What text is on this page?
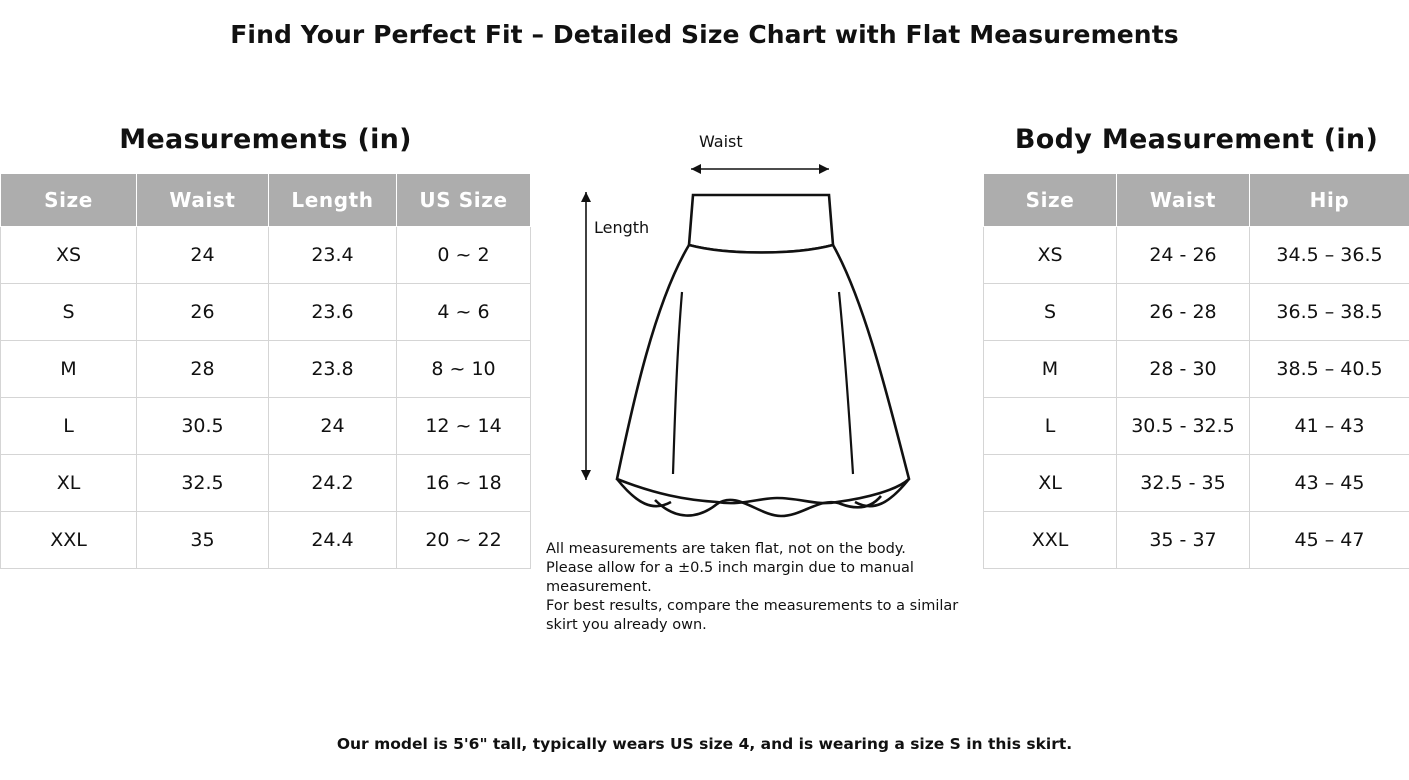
Find Your Perfect Fit – Detailed Size Chart with Flat Measurements
Measurements (in)
Size	Waist	Length	US Size
XS	24	23.4	0 ~ 2
S	26	23.6	4 ~ 6
M	28	23.8	8 ~ 10
L	30.5	24	12 ~ 14
XL	32.5	24.2	16 ~ 18
XXL	35	24.4	20 ~ 22
Waist
Length
All measurements are taken flat, not on the body.
Please allow for a ±0.5 inch margin due to manual
measurement.
For best results, compare the measurements to a similar
skirt you already own.
Body Measurement (in)
Size	Waist	Hip
XS	24 - 26	34.5 – 36.5
S	26 - 28	36.5 – 38.5
M	28 - 30	38.5 – 40.5
L	30.5 - 32.5	41 – 43
XL	32.5 - 35	43 – 45
XXL	35 - 37	45 – 47
Our model is 5'6" tall, typically wears US size 4, and is wearing a size S in this skirt.
